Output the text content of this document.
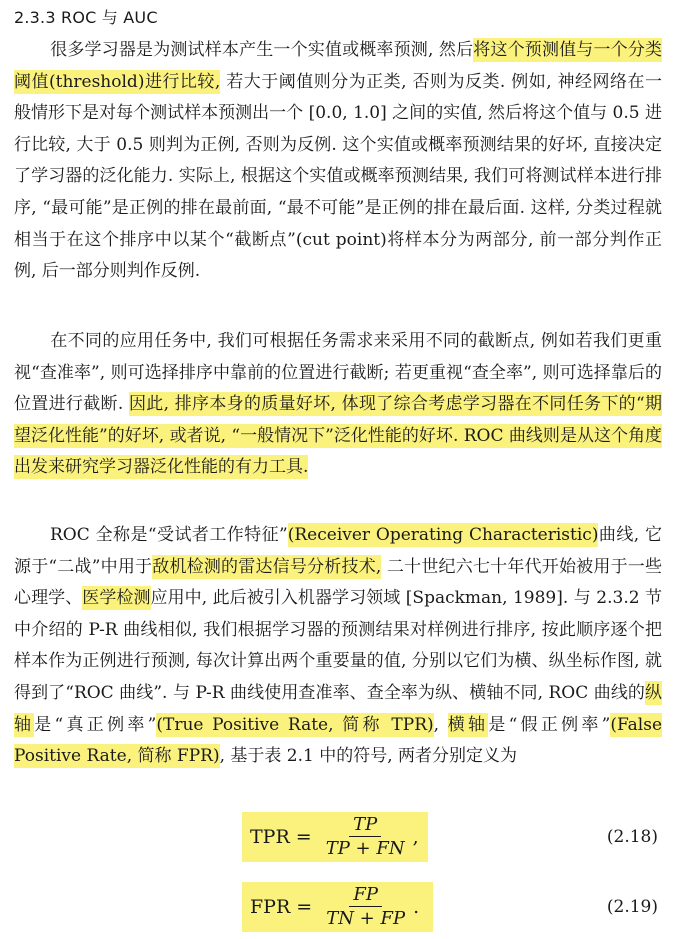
2.3.3 ROC 与 AUC

很多学习器是为测试样本产生一个实值或概率预测, 然后将这个预测值与一个分类阈值(threshold)进行比较, 若大于阈值则分为正类, 否则为反类. 例如, 神经网络在一般情形下是对每个测试样本预测出一个 [0.0, 1.0] 之间的实值, 然后将这个值与 0.5 进行比较, 大于 0.5 则判为正例, 否则为反例. 这个实值或概率预测结果的好坏, 直接决定了学习器的泛化能力. 实际上, 根据这个实值或概率预测结果, 我们可将测试样本进行排序, “最可能”是正例的排在最前面, “最不可能”是正例的排在最后面. 这样, 分类过程就相当于在这个排序中以某个“截断点”(cut point)将样本分为两部分, 前一部分判作正例, 后一部分则判作反例.

在不同的应用任务中, 我们可根据任务需求来采用不同的截断点, 例如若我们更重视“查准率”, 则可选择排序中靠前的位置进行截断; 若更重视“查全率”, 则可选择靠后的位置进行截断. 因此, 排序本身的质量好坏, 体现了综合考虑学习器在不同任务下的“期望泛化性能”的好坏, 或者说, “一般情况下”泛化性能的好坏. ROC 曲线则是从这个角度出发来研究学习器泛化性能的有力工具.

ROC 全称是“受试者工作特征”(Receiver Operating Characteristic)曲线, 它源于“二战”中用于敌机检测的雷达信号分析技术, 二十世纪六七十年代开始被用于一些心理学、医学检测应用中, 此后被引入机器学习领域 [Spackman, 1989]. 与 2.3.2 节中介绍的 P-R 曲线相似, 我们根据学习器的预测结果对样例进行排序, 按此顺序逐个把样本作为正例进行预测, 每次计算出两个重要量的值, 分别以它们为横、纵坐标作图, 就得到了“ROC 曲线”. 与 P-R 曲线使用查准率、查全率为纵、横轴不同, ROC 曲线的纵轴是“真正例率”(True Positive Rate, 简称 TPR), 横轴是“假正例率”(False Positive Rate, 简称 FPR), 基于表 2.1 中的符号, 两者分别定义为

TPR = $\frac{TP}{TP + FN}$ ,	(2.18)
FPR = $\frac{FP}{TN + FP}$ .	(2.19)
